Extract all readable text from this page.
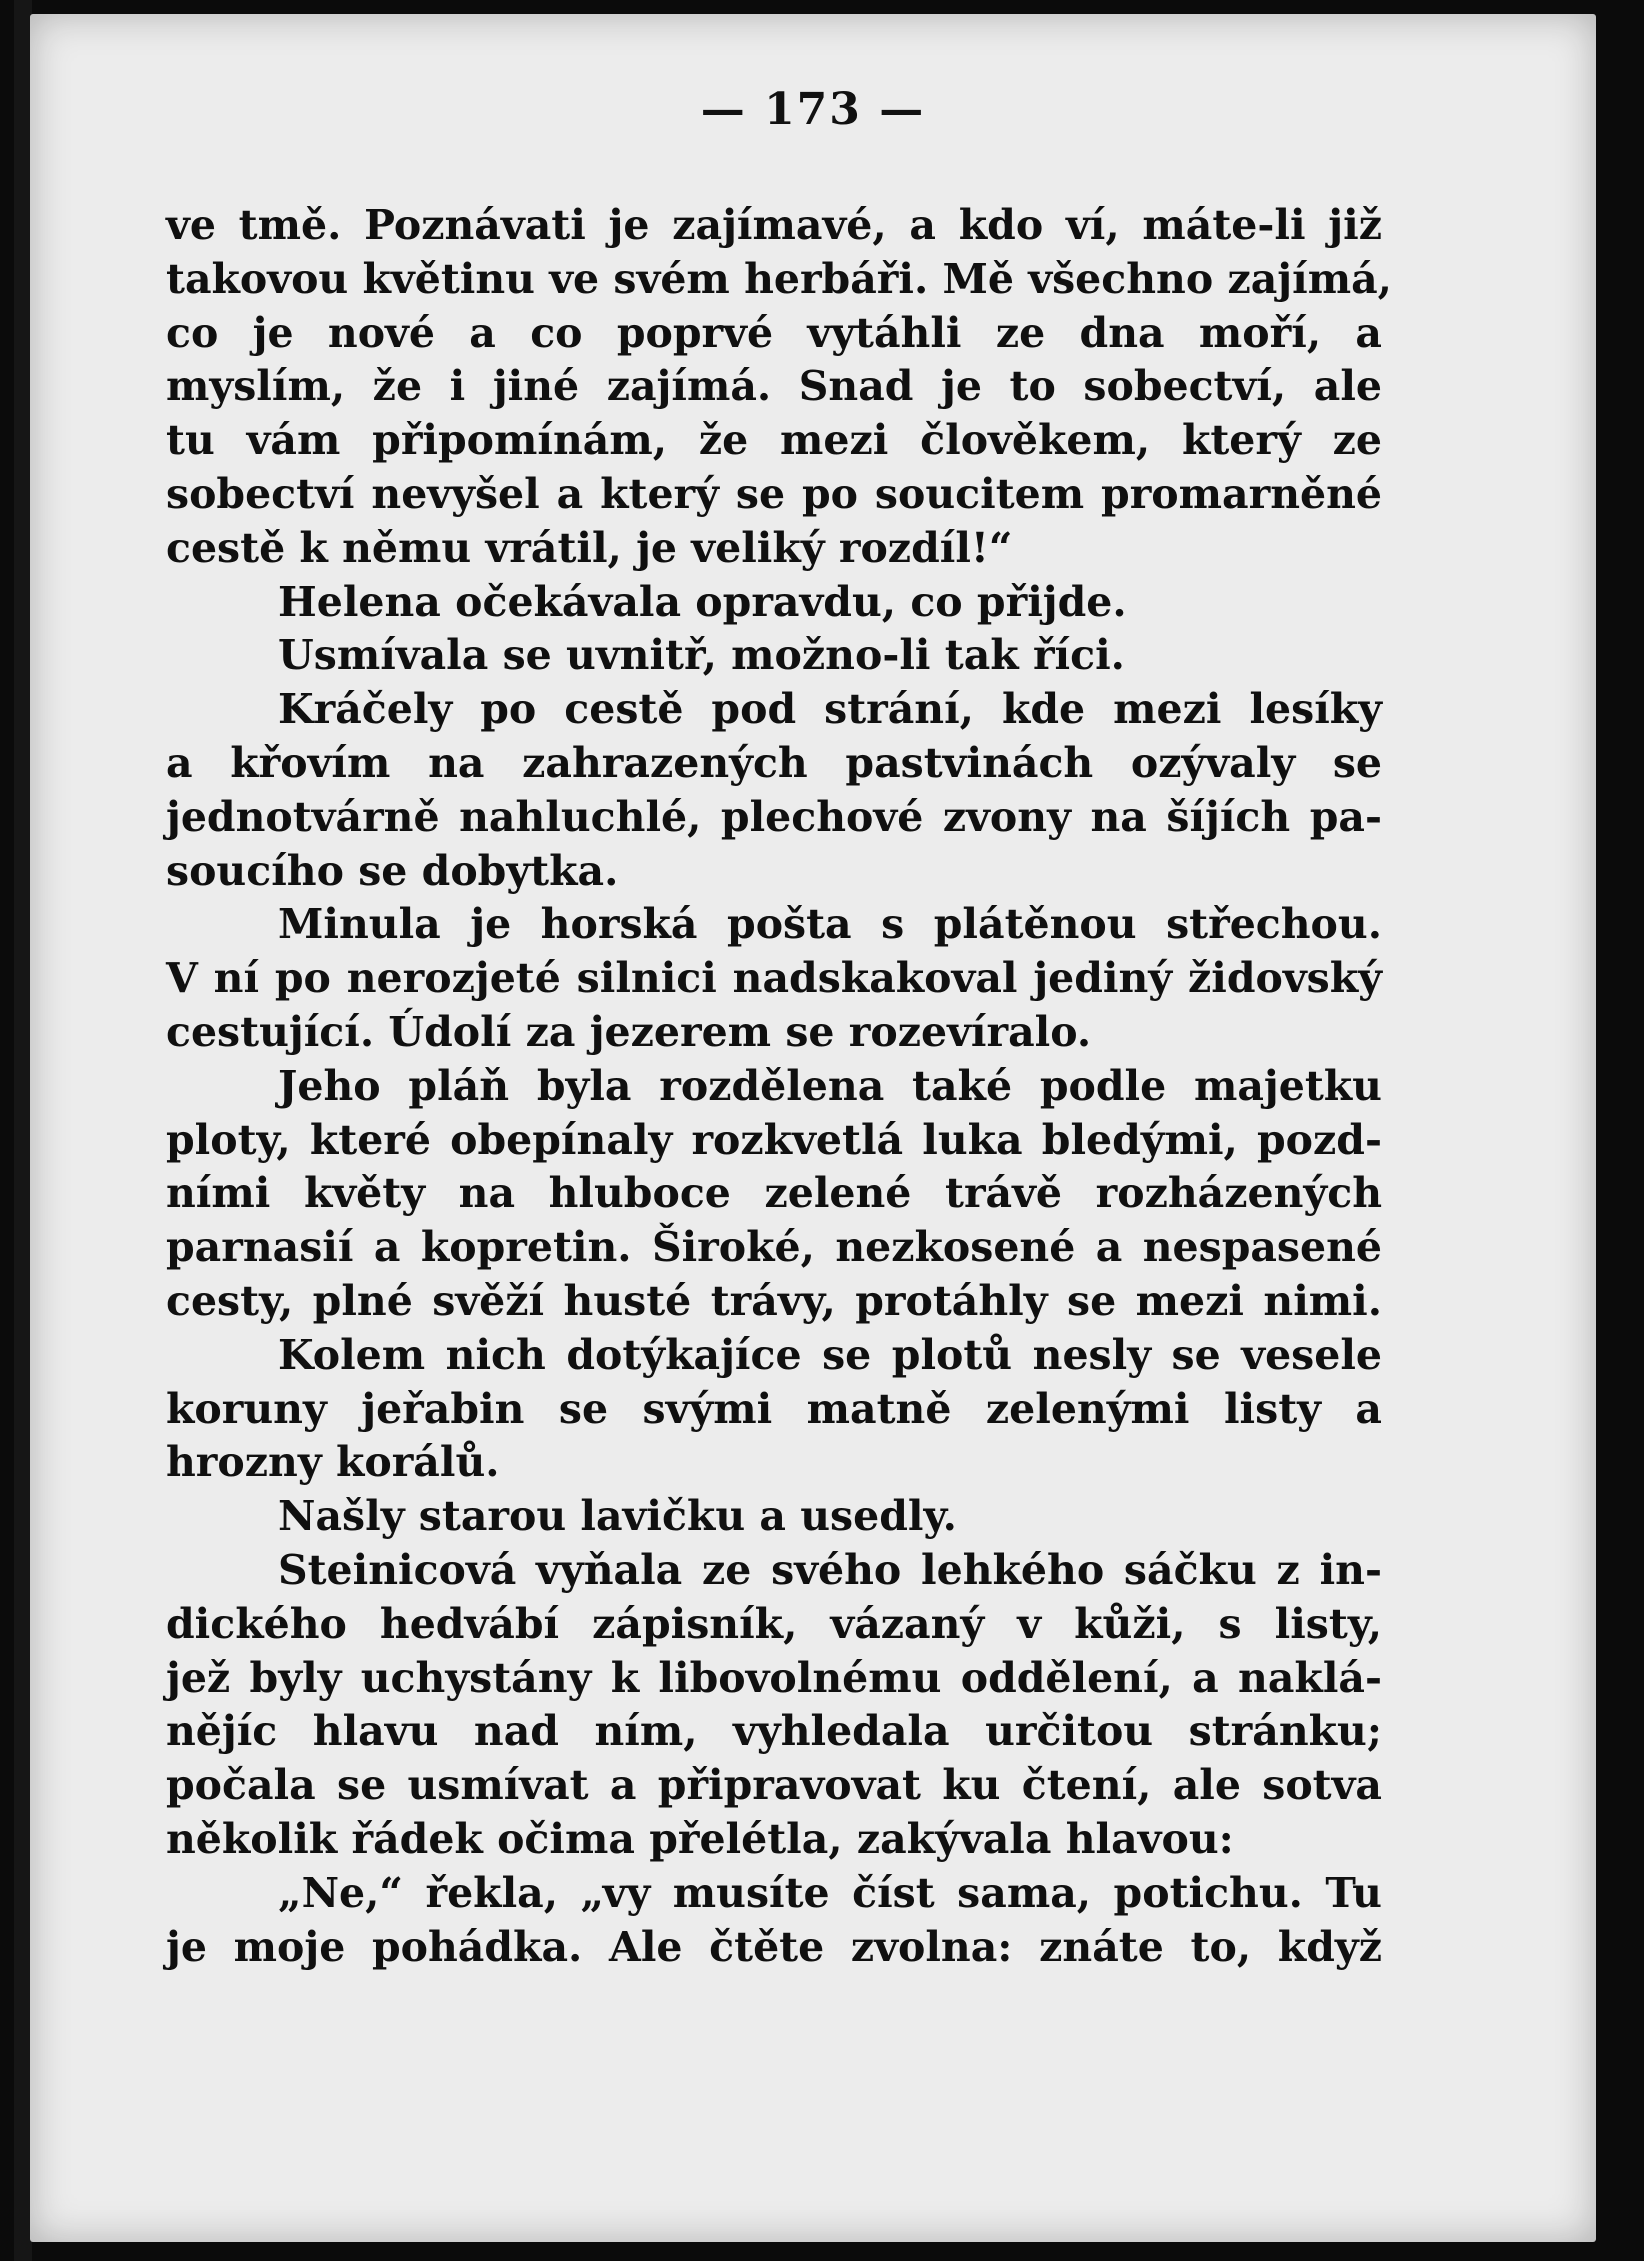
— 173 —
ve tmě. Poznávati je zajímavé, a kdo ví, máte-li již
takovou květinu ve svém herbáři. Mě všechno zajímá,
co je nové a co poprvé vytáhli ze dna moří, a
myslím, že i jiné zajímá. Snad je to sobectví, ale
tu vám připomínám, že mezi člověkem, který ze
sobectví nevyšel a který se po soucitem promarněné
cestě k němu vrátil, je veliký rozdíl!“
Helena očekávala opravdu, co přijde.
Usmívala se uvnitř, možno-li tak říci.
Kráčely po cestě pod strání, kde mezi lesíky
a křovím na zahrazených pastvinách ozývaly se
jednotvárně nahluchlé, plechové zvony na šíjích pa-
soucího se dobytka.
Minula je horská pošta s plátěnou střechou.
V ní po nerozjeté silnici nadskakoval jediný židovský
cestující. Údolí za jezerem se rozevíralo.
Jeho pláň byla rozdělena také podle majetku
ploty, které obepínaly rozkvetlá luka bledými, pozd-
ními květy na hluboce zelené trávě rozházených
parnasií a kopretin. Široké, nezkosené a nespasené
cesty, plné svěží husté trávy, protáhly se mezi nimi.
Kolem nich dotýkajíce se plotů nesly se vesele
koruny jeřabin se svými matně zelenými listy a
hrozny korálů.
Našly starou lavičku a usedly.
Steinicová vyňala ze svého lehkého sáčku z in-
dického hedvábí zápisník, vázaný v kůži, s listy,
jež byly uchystány k libovolnému oddělení, a naklá-
nějíc hlavu nad ním, vyhledala určitou stránku;
počala se usmívat a připravovat ku čtení, ale sotva
několik řádek očima přelétla, zakývala hlavou:
„Ne,“ řekla, „vy musíte číst sama, potichu. Tu
je moje pohádka. Ale čtěte zvolna: znáte to, když
